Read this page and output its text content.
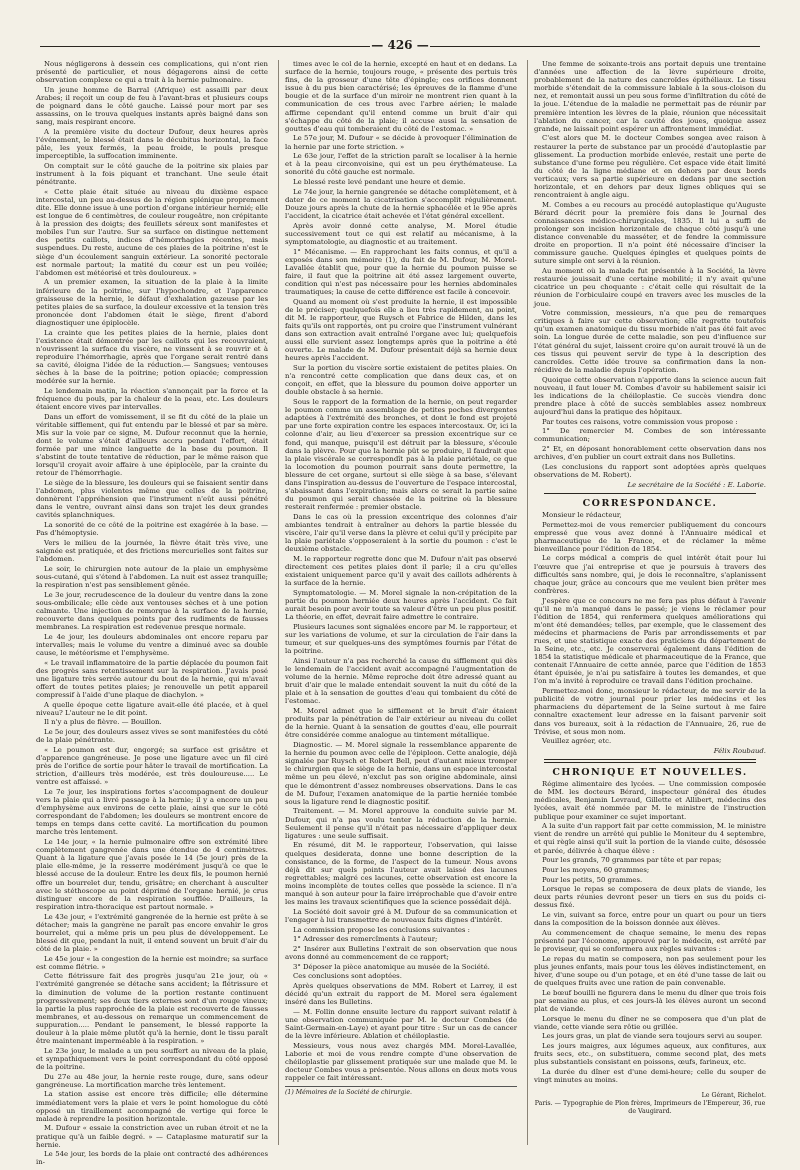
— 426 —

Nous négligerons à dessein ces complications, qui n'ont rien présenté de particulier, et nous dégagerons ainsi de cette observation complexe ce qui a trait à la hernie pulmonaire.

Un jeune homme de Barral (Afrique) est assailli par deux Arabes; il reçoit un coup de feu à l'avant-bras et plusieurs coups de poignard dans le côté gauche. Laissé pour mort par ses assassins, on le trouva quelques instants après baigné dans son sang, mais respirant encore.

A la première visite du docteur Dufour, deux heures après l'événement, le blessé était dans le décubitus horizontal, la face pâle, les yeux fermés, la peau froide, le pouls presque imperceptible, la suffocation imminente.

On comptait sur le côté gauche de la poitrine six plaies par instrument à la fois piquant et tranchant. Une seule était pénétrante.

« Cette plaie était située au niveau du dixième espace intercostal, un peu au-dessus de la région splénique proprement dite. Elle donne issue à une portion d'organe intérieur hernié; elle est longue de 6 centimètres, de couleur rougeâtre, non crépitante à la pression des doigts; des feuillets séreux sont manifestes et mobiles l'un sur l'autre. Sur sa surface on distingue nettement des petits caillots, indices d'hémorrhagies récentes, mais suspendues. Du reste, aucune de ces plaies de la poitrine n'est le siège d'un écoulement sanguin extérieur. La sonorité pectorale est normale partout; la matité du cœur est un peu voilée; l'abdomen est météorisé et très douloureux. »

A un premier examen, la situation de la plaie à la limite inférieure de la poitrine, sur l'hypochondre, et l'apparence graisseuse de la hernie, le défaut d'exhalation gazeuse par les petites plaies de sa surface, la douleur excessive et la tension très prononcée dont l'abdomen était le siège, firent d'abord diagnostiquer une épiplocèle.

La crainte que les petites plaies de la hernie, plaies dont l'existence était démontrée par les caillots qui les recouvraient, n'ouvrissent la surface du viscère, ne vinssent à se rouvrir et à reproduire l'hémorrhagie, après que l'organe serait rentré dans sa cavité, éloigna l'idée de la réduction.— Sangsues; ventouses sèches à la base de la poitrine; potion opiacée; compression modérée sur la hernie.

Le lendemain matin, la réaction s'annonçait par la force et la fréquence du pouls, par la chaleur de la peau, etc. Les douleurs étaient encore vives par intervalles.

Dans un effort de vomissement, il se fit du côté de la plaie un véritable sifflement, qui fut entendu par le blessé et par sa mère. Mis sur la voie par ce signe, M. Dufour reconnut que la hernie, dont le volume s'était d'ailleurs accru pendant l'effort, était formée par une mince languette de la base du poumon. Il s'abstint de toute tentative de réduction, par le même raison que lorsqu'il croyait avoir affaire à une épiplocèle, par la crainte du retour de l'hémorrhagie.

Le siège de la blessure, les douleurs qui se faisaient sentir dans l'abdomen, plus violentes même que celles de la poitrine, donnèrent l'appréhension que l'instrument n'eût aussi pénétré dans le ventre, ouvrant ainsi dans son trajet les deux grandes cavités splanchniques.

La sonorité de ce côté de la poitrine est exagérée à la base. — Pas d'hémoptysie.

Vers le milieu de la journée, la fièvre était très vive, une saignée est pratiquée, et des frictions mercurielles sont faites sur l'abdomen.

Le soir, le chirurgien note autour de la plaie un emphysème sous-cutané, qui s'étend à l'abdomen. La nuit est assez tranquille; la respiration n'est pas sensiblement gênée.

Le 3e jour, recrudescence de la douleur du ventre dans la zone sous-ombilicale; elle cède aux ventouses sèches et à une potion calmante. Une injection de remorque à la surface de la hernie, recouverte dans quelques points par des rudiments de fausses membranes. La respiration est redevenue presque normale.

Le 4e jour, les douleurs abdominales ont encore reparu par intervalles; mais le volume du ventre a diminué avec sa double cause, le météorisme et l'emphysème.

« Le travail inflammatoire de la partie déplacée du poumon fait des progrès sans retentissement sur la respiration. J'avais posé une ligature très serrée autour du bout de la hernie, qui m'avait offert de toutes petites plaies; je renouvelle un petit appareil compressif à l'aide d'une plaque de diachylon. »

A quelle époque cette ligature avait-elle été placée, et à quel niveau? L'auteur ne le dit point.

Il n'y a plus de fièvre. — Bouillon.

Le 5e jour, des douleurs assez vives se sont manifestées du côté de la plaie pénétrante.

« Le poumon est dur, engorgé; sa surface est grisâtre et d'apparence gangréneuse. Je pose une ligature avec un fil ciré près de l'orifice de sortie pour hâter le travail de mortification. La striction, d'ailleurs très modérée, est très douloureuse..... Le ventre est affaissé. »

Le 7e jour, les inspirations fortes s'accompagnent de douleur vers la plaie qui a livré passage à la hernie; il y a encore un peu d'emphysème aux environs de cette plaie, ainsi que sur le côté correspondant de l'abdomen; les douleurs se montrent encore de temps en temps dans cette cavité. La mortification du poumon marche très lentement.

Le 14e jour, « la hernie pulmonaire offre son extrémité libre complètement gangrenée dans une étendue de 4 centimètres. Quant à la ligature que j'avais posée le 14 (5e jour) près de la plaie elle-même, je la resserre modérément jusqu'à ce que le blessé accuse de la douleur. Entre les deux fils, le poumon hernié offre un bourrelet dur, tendu, grisâtre; en cherchant à ausculter avec le stéthoscope au point déprimé de l'organe hernié, je crus distinguer encore de la respiration soufflée. D'ailleurs, la respiration intra-thoracique est partout normale. »

Le 43e jour, « l'extrémité gangrenée de la hernie est prête à se détacher; mais la gangrène ne paraît pas encore envahir le gros bourrelet, qui a même pris un peu plus de développement. Le blessé dit que, pendant la nuit, il entend souvent un bruit d'air du côté de la plaie. »

Le 45e jour « la congestion de la hernie est moindre; sa surface est comme flétrie. »

Cette flétrissure fait des progrès jusqu'au 21e jour, où « l'extrémité gangrenée se détache sans accident; la flétrissure et la diminution de volume de la portion restante continuent progressivement; ses deux tiers externes sont d'un rouge vineux; la partie la plus rapprochée de la plaie est recouverte de fausses membranes, et au-dessous on remarque un commencement de suppuration..... Pendant le pansement, le blessé rapporte la douleur à la plaie même plutôt qu'à la hernie, dont le tissu paraît être maintenant imperméable à la respiration. »

Le 23e jour, le malade a un peu souffert au niveau de la plaie, et sympathiquement vers le point correspondant du côté opposé de la poitrine.

Du 27e au 48e jour, la hernie reste rouge, dure, sans odeur gangréneuse. La mortification marche très lentement.

La station assise est encore très difficile; elle détermine immédiatement vers la plaie et vers le point homologue du côté opposé un tiraillement accompagné de vertige qui force le malade à reprendre la position horizontale.

M. Dufour « essaie la constriction avec un ruban étroit et ne la pratique qu'à un faible degré. » — Cataplasme maturatif sur la hernie.

Le 54e jour, les bords de la plaie ont contracté des adhérences in-

times avec le col de la hernie, excepté en haut et en dedans. La surface de la hernie, toujours rouge, « présente des pertuis très fins, de la grosseur d'une tête d'épingle; ces orifices donnent issue à du pus bien caractérisé; les épreuves de la flamme d'une bougie et de la surface d'un miroir ne montrent rien quant à la communication de ces trous avec l'arbre aérien; le malade affirme cependant qu'il entend comme un bruit d'air qui s'échappe du côté de la plaie; il accuse aussi la sensation de gouttes d'eau qui tomberaient du côté de l'estomac. »

Le 57e jour, M. Dufour « se décide à provoquer l'élimination de la hernie par une forte striction. »

Le 63e jour, l'effet de la striction paraît se localiser à la hernie et à la peau circonvoisine, qui est un peu érythémateuse. La sonorité du côté gauche est normale.

Le blessé reste levé pendant une heure et demie.

Le 74e jour, la hernie gangrenée se détache complètement, et à dater de ce moment la cicatrisation s'accomplit régulièrement. Douze jours après la chute de la hernie sphacélée et le 95e après l'accident, la cicatrice était achevée et l'état général excellent.

Après avoir donné cette analyse, M. Morel étudie successivement tout ce qui est relatif au mécanisme, à la symptomatologie, au diagnostic et au traitement.

1° Mécanisme. — En rapprochant les faits connus, et qu'il a exposés dans son mémoire (1), du fait de M. Dufour, M. Morel-Lavallée établit que, pour que la hernie du poumon puisse se faire, il faut que la poitrine ait été assez largement ouverte, condition qui n'est pas nécessaire pour les hernies abdominales traumatiques; la cause de cette différence est facile à concevoir.

Quand au moment où s'est produite la hernie, il est impossible de le préciser; quelquefois elle a lieu très rapidement, au point, dit M. le rapporteur, que Ruysch et Fabrice de Hilden, dans les faits qu'ils ont rapportés, ont pu croire que l'instrument vulnérant dans son extraction avait entraîné l'organe avec lui; quelquefois aussi elle survient assez longtemps après que la poitrine a été ouverte. Le malade de M. Dufour présentait déjà sa hernie deux heures après l'accident.

Sur la portion du viscère sortie existaient de petites plaies. On n'a rencontré cette complication que dans deux cas, et on conçoit, en effet, que la blessure du poumon doive apporter un double obstacle à sa hernie.

Sous le rapport de la formation de la hernie, on peut regarder le poumon comme un assemblage de petites poches divergentes adaptées à l'extrémité des bronches, et dont le fond est projeté par une forte expiration contre les espaces intercostaux. Or, ici la colonne d'air, au lieu d'exercer sa pression excentrique sur ce fond, qui manque, puisqu'il est détruit par la blessure, s'écoule dans la plèvre. Pour que la hernie pût se produire, il faudrait que la plaie viscérale se correspondît pas à la plaie pariétale, ce que la locomotion du poumon pourrait sans doute permettre, la blessure de cet organe, surtout si elle siège à sa base, s'élevant dans l'inspiration au-dessus de l'ouverture de l'espace intercostal, s'abaissant dans l'expiration; mais alors ce serait la partie saine du poumon qui serait chassée de la poitrine où la blessure resterait renfermée : premier obstacle.

Dans le cas où la pression excentrique des colonnes d'air ambiantes tendrait à entraîner au dehors la partie blessée du viscère, l'air qu'il verse dans la plèvre et celui qu'il y précipite par la plaie pariétale s'opposeraient à la sortie du poumon : c'est le deuxième obstacle.

M. le rapporteur regrette donc que M. Dufour n'ait pas observé directement ces petites plaies dont il parle; il a cru qu'elles existaient uniquement parce qu'il y avait des caillots adhérents à la surface de la hernie.

Symptomatologie. — M. Morel signale la non-crépitation de la partie du poumon herniée deux heures après l'accident. Ce fait aurait besoin pour avoir toute sa valeur d'être un peu plus positif. La théorie, en effet, devrait faire admettre le contraire.

Plusieurs lacunes sont signalées encore par M. le rapporteur, et sur les variations de volume, et sur la circulation de l'air dans la tumeur, et sur quelques-uns des symptômes fournis par l'état de la poitrine.

Ainsi l'auteur n'a pas recherché la cause du sifflement qui dès le lendemain de l'accident avait accompagné l'augmentation de volume de la hernie. Même reproche doit être adressé quant au bruit d'air que le malade entendait souvent la nuit du côté de la plaie et à la sensation de gouttes d'eau qui tombaient du côté de l'estomac.

M. Morel admet que le sifflement et le bruit d'air étaient produits par la pénétration de l'air extérieur au niveau du collet de la hernie. Quant à la sensation de gouttes d'eau, elle pourrait être considérée comme analogue au tintement métallique.

Diagnostic. — M. Morel signale la ressemblance apparente de la hernie du poumon avec celle de l'épiploon. Cette analogie, déjà signalée par Ruysch et Robert Bell, peut d'autant mieux tromper le chirurgien que le siège de la hernie, dans un espace intercostal même un peu élevé, n'exclut pas son origine abdominale, ainsi que le démontrent d'assez nombreuses observations. Dans le cas de M. Dufour, l'examen anatomique de la partie herniée tombée sous la ligature rend le diagnostic positif.

Traitement. — M. Morel approuve la conduite suivie par M. Dufour, qui n'a pas voulu tenter la réduction de la hernie. Seulement il pense qu'il n'était pas nécessaire d'appliquer deux ligatures : une seule suffisait.

En résumé, dit M. le rapporteur, l'observation, qui laisse quelques desiderata, donne une bonne description de la consistance, de la forme, de l'aspect de la tumeur. Nous avons déjà dit sur quels points l'auteur avait laissé des lacunes regrettables; malgré ces lacunes, cette observation est encore la moins incomplète de toutes celles que possède la science. Il n'a manqué à son auteur pour la faire irréprochable que d'avoir entre les mains les travaux scientifiques que la science possédait déjà.

La Société doit savoir gré à M. Dufour de sa communication et l'engager à lui transmettre de nouveaux faits dignes d'intérêt.

La commission propose les conclusions suivantes :

1° Adresser des remercîments à l'auteur;

2° Insérer aux Bulletins l'extrait de son observation que nous avons donné au commencement de ce rapport;

3° Déposer la pièce anatomique au musée de la Société.

Ces conclusions sont adoptées.

Après quelques observations de MM. Robert et Larrey, il est décidé qu'un extrait du rapport de M. Morel sera également inséré dans les Bulletins.

— M. Follin donne ensuite lecture du rapport suivant relatif à une observation communiquée par M. le docteur Combes (de Saint-Germain-en-Laye) et ayant pour titre : Sur un cas de cancer de la lèvre inférieure. Ablation et chéiloplastie.

Messieurs, vous nous avez chargés MM. Morel-Lavallée, Laborie et moi de vous rendre compte d'une observation de chéiloplastie par glissement pratiquée sur une malade que M. le docteur Combes vous a présentée. Nous allons en deux mots vous rappeler ce fait intéressant.

(1) Mémoires de la Société de chirurgie.

Une femme de soixante-trois ans portait depuis une trentaine d'années une affection de la lèvre supérieure droite, probablement de la nature des cancroïdes épithéliaux. Le tissu morbide s'étendait de la commissure labiale à la sous-cloison du nez, et remontait aussi un peu sous forme d'infiltration du côté de la joue. L'étendue de la maladie ne permettait pas de réunir par première intention les lèvres de la plaie, réunion que nécessitait l'ablation du cancer, car la cavité des joues, quoique assez grande, ne laissait point espérer un affrontement immédiat.

C'est alors que M. le docteur Combes songea avec raison à restaurer la perte de substance par un procédé d'autoplastie par glissement. La production morbide enlevée, restait une perte de substance d'une forme peu régulière. Cet espace vide était limité du côté de la ligne médiane et en dehors par deux bords verticaux; vers sa partie supérieure en dedans par une section horizontale, et en dehors par deux lignes obliques qui se rencontraient à angle aigu.

M. Combes a eu recours au procédé autoplastique qu'Auguste Bérard décrit pour la première fois dans le Journal des connaissances médico-chirurgicales, 1835. Il lui a suffi de prolonger son incision horizontale de chaque côté jusqu'à une distance convenable du masséter, et de fendre la commissure droite en proportion. Il n'a point été nécessaire d'inciser la commissure gauche. Quelques épingles et quelques points de suture simple ont servi à la réunion.

Au moment où la malade fut présentée à la Société, la lèvre restaurée jouissait d'une certaine mobilité; il n'y avait qu'une cicatrice un peu choquante : c'était celle qui résultait de la réunion de l'orbiculaire coupé en travers avec les muscles de la joue.

Votre commission, messieurs, n'a que peu de remarques critiques à faire sur cette observation; elle regrette toutefois qu'un examen anatomique du tissu morbide n'ait pas été fait avec soin. La longue durée de cette maladie, son peu d'influence sur l'état général du sujet, laissent croire qu'on aurait trouvé là un de ces tissus qui peuvent servir de type à la description des cancroïdes. Cette idée trouve sa confirmation dans la non-récidive de la maladie depuis l'opération.

Quoique cette observation n'apporte dans la science aucun fait nouveau, il faut louer M. Combes d'avoir su habilement saisir ici les indications de la chéiloplastie. Ce succès viendra donc prendre place à côté de succès semblables assez nombreux aujourd'hui dans la pratique des hôpitaux.

Par toutes ces raisons, votre commission vous propose :

1° De remercier M. Combes de son intéressante communication;

2° Et, en déposant honorablement cette observation dans nos archives, d'en publier un court extrait dans nos Bulletins.

(Les conclusions du rapport sont adoptées après quelques observations de M. Robert).

Le secrétaire de la Société : E. Laborie.

CORRESPONDANCE.

Monsieur le rédacteur,

Permettez-moi de vous remercier publiquement du concours empressé que vous avez donné à l'Annuaire médical et pharmaceutique de la France, et de réclamer la même bienveillance pour l'édition de 1854.

Le corps médical a compris de quel intérêt était pour lui l'œuvre que j'ai entreprise et que je poursuis à travers des difficultés sans nombre, qui, je dois le reconnaître, s'aplanissent chaque jour, grâce au concours que me veulent bien prêter mes confrères.

J'espère que ce concours ne me fera pas plus défaut à l'avenir qu'il ne m'a manqué dans le passé; je viens le réclamer pour l'édition de 1854, qui renfermera quelques améliorations qui m'ont été demandées; telles, par exemple, que le classement des médecins et pharmaciens de Paris par arrondissements et par rues, et une statistique exacte des praticiens du département de la Seine, etc., etc. Je conserverai également dans l'édition de 1854 la statistique médicale et pharmaceutique de la France, que contenait l'Annuaire de cette année, parce que l'édition de 1853 étant épuisée, je n'ai pu satisfaire à toutes les demandes, et que l'on m'a invité à reproduire ce travail dans l'édition prochaine.

Permettez-moi donc, monsieur le rédacteur, de me servir de la publicité de votre journal pour prier les médecins et les pharmaciens du département de la Seine surtout à me faire connaître exactement leur adresse en la faisant parvenir soit dans vos bureaux, soit à la rédaction de l'Annuaire, 26, rue de Trévise, et sous mon nom.

Veuillez agréer, etc.

Félix Roubaud.

CHRONIQUE ET NOUVELLES.

Régime alimentaire des lycées. — Une commission composée de MM. les docteurs Bérard, inspecteur général des études médicales, Benjamin Levraud, Gillette et Allibert, médecins des lycées, avait été nommée par M. le ministre de l'instruction publique pour examiner ce sujet important.

A la suite d'un rapport fait par cette commission, M. le ministre vient de rendre un arrêté qui publie le Moniteur du 4 septembre, et qui règle ainsi qu'il suit la portion de la viande cuite, désossée et parée, délivrée à chaque élève :

Pour les grands, 70 grammes par tête et par repas;

Pour les moyens, 60 grammes;

Pour les petits, 50 grammes.

Lorsque le repas se composera de deux plats de viande, les deux parts réunies devront peser un tiers en sus du poids ci-dessus fixé.

Le vin, suivant sa force, entre pour un quart ou pour un tiers dans la composition de la boisson donnée aux élèves.

Au commencement de chaque semaine, le menu des repas présenté par l'économe, approuvé par le médecin, est arrêté par le proviseur, qui se conformera aux règles suivantes :

Le repas du matin se composera, non pas seulement pour les plus jeunes enfants, mais pour tous les élèves indistinctement, en hiver, d'une soupe ou d'un potage, et en été d'une tasse de lait ou de quelques fruits avec une ration de pain convenable.

Le bœuf bouilli ne figurera dans le menu du dîner que trois fois par semaine au plus, et ces jours-là les élèves auront un second plat de viande.

Lorsque le menu du dîner ne se composera que d'un plat de viande, cette viande sera rôtie ou grillée.

Les jours gras, un plat de viande sera toujours servi au souper.

Les jours maigres, aux légumes aqueux, aux confitures, aux fruits secs, etc., on substituera, comme second plat, des mets plus substantiels consistant en poissons, œufs, farineux, etc.

La durée du dîner est d'une demi-heure; celle du souper de vingt minutes au moins.

Le Gérant, Richelot.
Paris. — Typographie de Plon frères, Imprimeurs de l'Empereur, 36, rue de Vaugirard.
